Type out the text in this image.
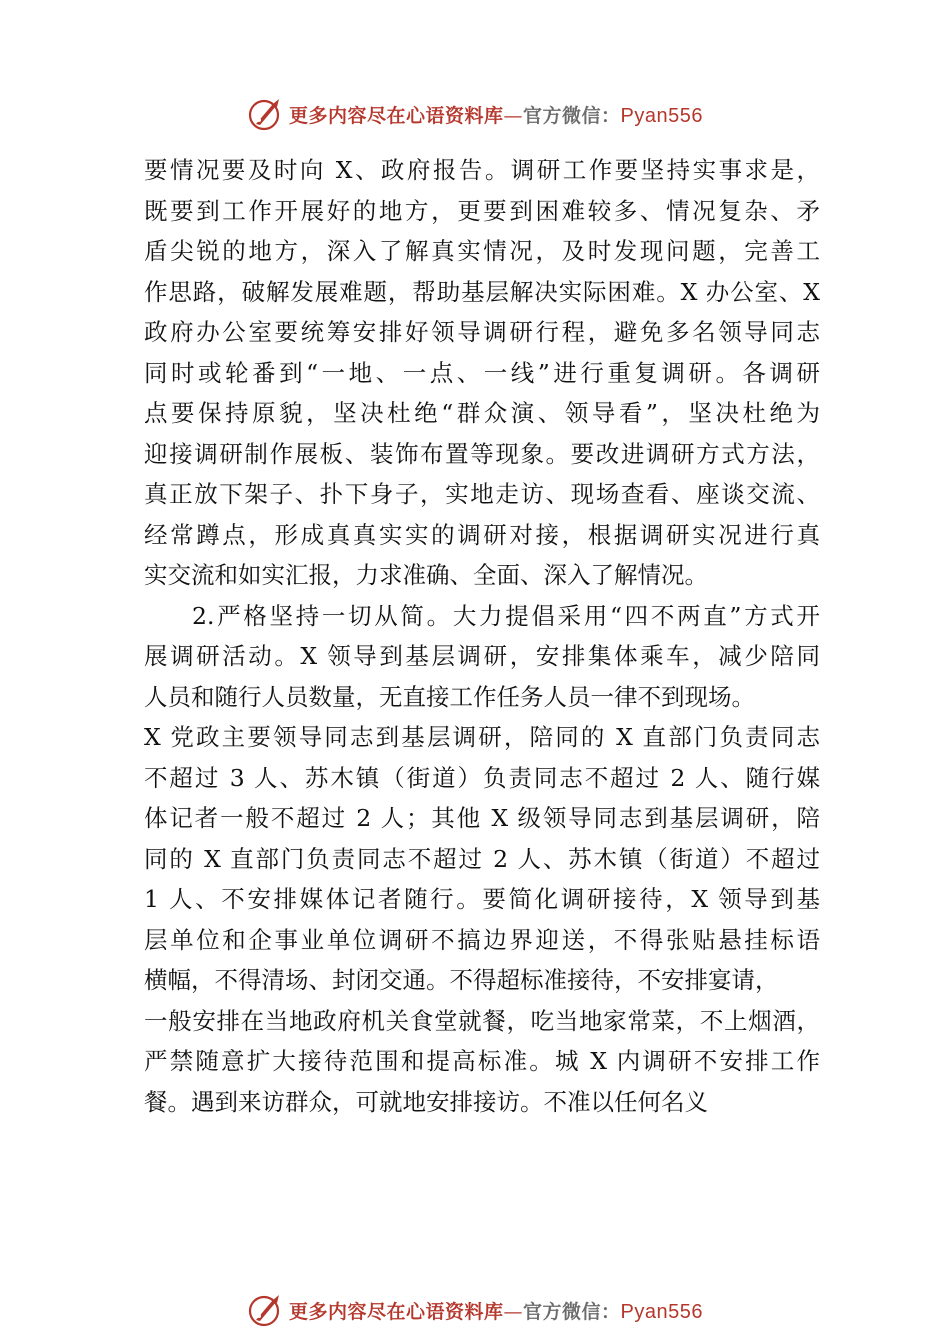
更多内容尽在心语资料库—官方微信：Pyan556
要情况要及时向 X、政府报告。调研工作要坚持实事求是，
既要到工作开展好的地方，更要到困难较多、情况复杂、矛
盾尖锐的地方，深入了解真实情况，及时发现问题，完善工
作思路，破解发展难题，帮助基层解决实际困难。X 办公室、X
政府办公室要统筹安排好领导调研行程，避免多名领导同志
同时或轮番到“一地、一点、一线”进行重复调研。各调研
点要保持原貌，坚决杜绝“群众演、领导看”，坚决杜绝为
迎接调研制作展板、装饰布置等现象。要改进调研方式方法，
真正放下架子、扑下身子，实地走访、现场查看、座谈交流、
经常蹲点，形成真真实实的调研对接，根据调研实况进行真
实交流和如实汇报，力求准确、全面、深入了解情况。
2.严格坚持一切从简。大力提倡采用“四不两直”方式开
展调研活动。X 领导到基层调研，安排集体乘车，减少陪同
人员和随行人员数量，无直接工作任务人员一律不到现场。
X 党政主要领导同志到基层调研，陪同的 X 直部门负责同志
不超过 3 人、苏木镇（街道）负责同志不超过 2 人、随行媒
体记者一般不超过 2 人；其他 X 级领导同志到基层调研，陪
同的 X 直部门负责同志不超过 2 人、苏木镇（街道）不超过
1 人、不安排媒体记者随行。要简化调研接待，X 领导到基
层单位和企事业单位调研不搞边界迎送，不得张贴悬挂标语
横幅，不得清场、封闭交通。不得超标准接待，不安排宴请，
一般安排在当地政府机关食堂就餐，吃当地家常菜，不上烟酒，
严禁随意扩大接待范围和提高标准。城 X 内调研不安排工作
餐。遇到来访群众，可就地安排接访。不准以任何名义
更多内容尽在心语资料库—官方微信：Pyan556
